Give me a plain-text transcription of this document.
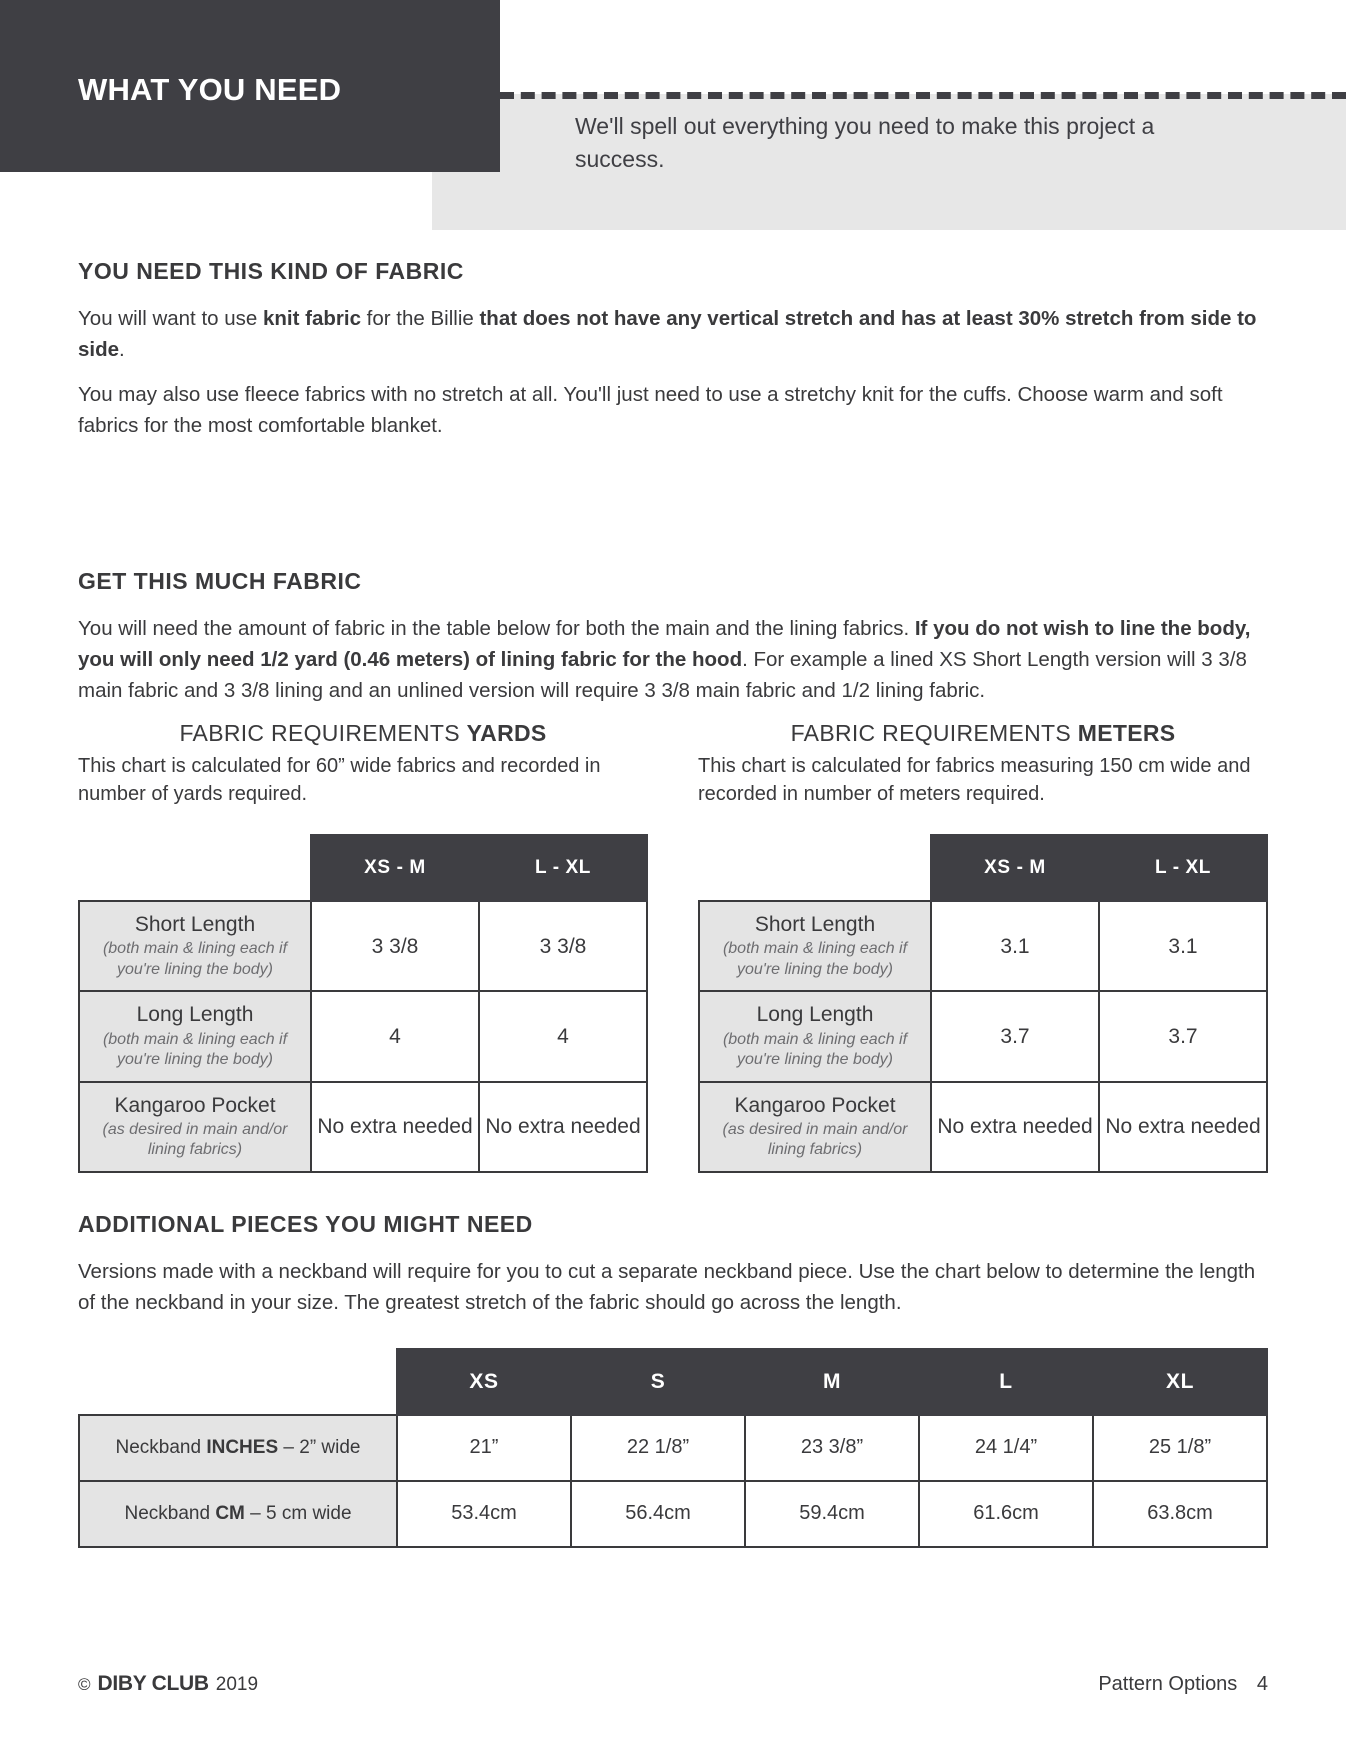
WHAT YOU NEED
We'll spell out everything you need to make this project a success.
YOU NEED THIS KIND OF FABRIC

You will want to use knit fabric for the Billie that does not have any vertical stretch and has at least 30% stretch from side to side.

You may also use fleece fabrics with no stretch at all. You'll just need to use a stretchy knit for the cuffs. Choose warm and soft fabrics for the most comfortable blanket.

GET THIS MUCH FABRIC

You will need the amount of fabric in the table below for both the main and the lining fabrics. If you do not wish to line the body, you will only need 1/2 yard (0.46 meters) of lining fabric for the hood. For example a lined XS Short Length version will 3 3/8 main fabric and 3 3/8 lining and an unlined version will require 3 3/8 main fabric and 1/2 lining fabric.

FABRIC REQUIREMENTS YARDS
This chart is calculated for 60” wide fabrics and recorded in number of yards required.
	XS - M	L - XL

Short Length
(both main & lining each if you're lining the body)	3 3/8	3 3/8

Long Length
(both main & lining each if you're lining the body)	4	4

Kangaroo Pocket
(as desired in main and/or lining fabrics)	No extra needed	No extra needed
FABRIC REQUIREMENTS METERS
This chart is calculated for fabrics measuring 150 cm wide and recorded in number of meters required.
	XS - M	L - XL

Short Length
(both main & lining each if you're lining the body)	3.1	3.1

Long Length
(both main & lining each if you're lining the body)	3.7	3.7

Kangaroo Pocket
(as desired in main and/or lining fabrics)	No extra needed	No extra needed
ADDITIONAL PIECES YOU MIGHT NEED

Versions made with a neckband will require for you to cut a separate neckband piece. Use the chart below to determine the length of the neckband in your size. The greatest stretch of the fabric should go across the length.

	XS	S	M	L	XL
Neckband INCHES – 2” wide	21”	22 1/8”	23 3/8”	24 1/4”	25 1/8”
Neckband CM – 5 cm wide	53.4cm	56.4cm	59.4cm	61.6cm	63.8cm
© DIBY CLUB 2019	Pattern Options 4
